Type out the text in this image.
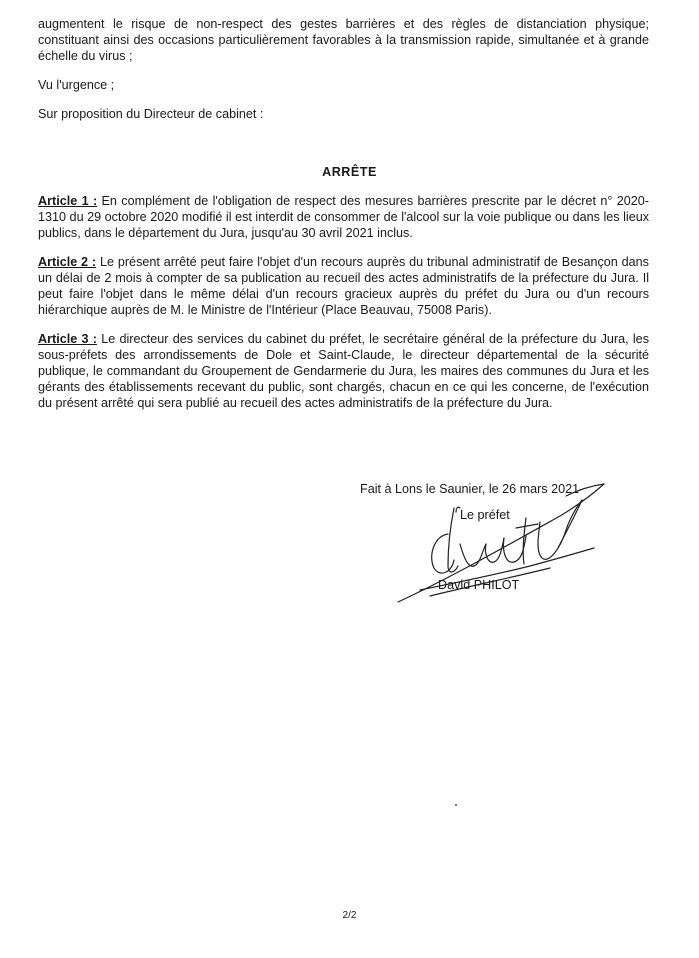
augmentent le risque de non-respect des gestes barrières et des règles de distanciation physique; constituant ainsi des occasions particulièrement favorables à la transmission rapide, simultanée et à grande échelle du virus ;

Vu l'urgence ;

Sur proposition du Directeur de cabinet :

ARRÊTE

Article 1 : En complément de l'obligation de respect des mesures barrières prescrite par le décret n° 2020-1310 du 29 octobre 2020 modifié il est interdit de consommer de l'alcool sur la voie publique ou dans les lieux publics, dans le département du Jura, jusqu'au 30 avril 2021 inclus.

Article 2 : Le présent arrêté peut faire l'objet d'un recours auprès du tribunal administratif de Besançon dans un délai de 2 mois à compter de sa publication au recueil des actes administratifs de la préfecture du Jura. Il peut faire l'objet dans le même délai d'un recours gracieux auprès du préfet du Jura ou d'un recours hiérarchique auprès de M. le Ministre de l'Intérieur (Place Beauvau, 75008 Paris).

Article 3 : Le directeur des services du cabinet du préfet, le secrétaire général de la préfecture du Jura, les sous-préfets des arrondissements de Dole et Saint-Claude, le directeur départemental de la sécurité publique, le commandant du Groupement de Gendarmerie du Jura, les maires des communes du Jura et les gérants des établissements recevant du public, sont chargés, chacun en ce qui les concerne, de l'exécution du présent arrêté qui sera publié au recueil des actes administratifs de la préfecture du Jura.

Fait à Lons le Saunier, le 26 mars 2021
Le préfet
David PHILOT
2/2
